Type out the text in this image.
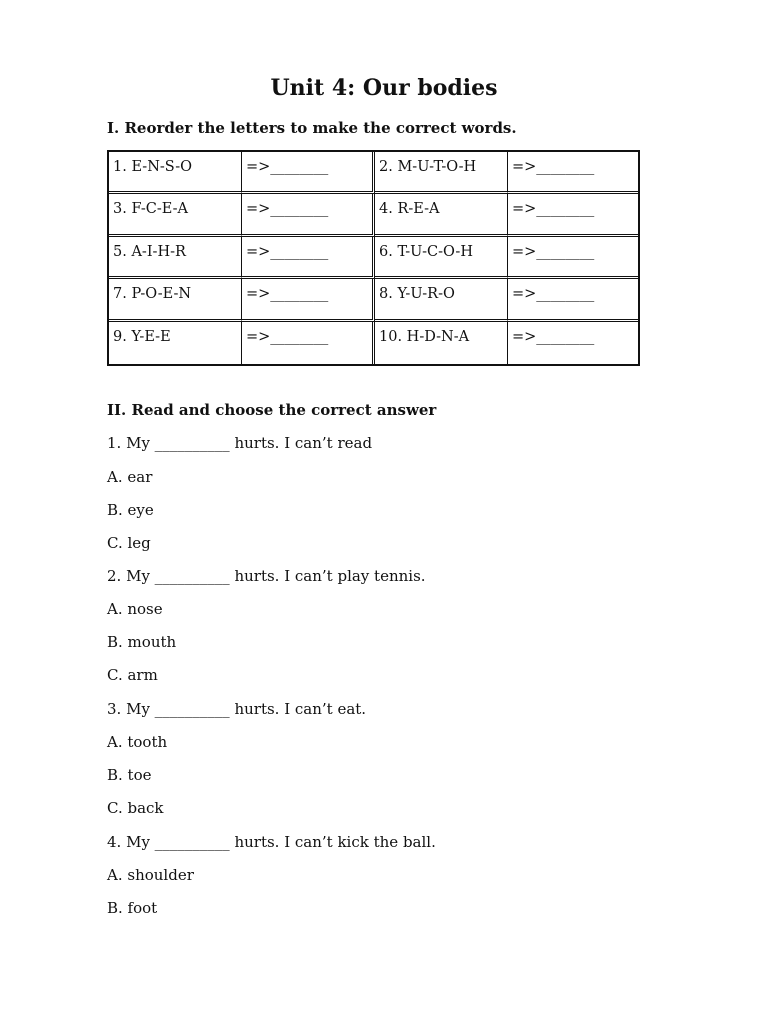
Unit 4: Our bodies
I. Reorder the letters to make the correct words.
1. E-N-S-O	=>________	2. M-U-T-O-H	=>________
3. F-C-E-A	=>________	4. R-E-A	=>________
5. A-I-H-R	=>________	6. T-U-C-O-H	=>________
7. P-O-E-N	=>________	8. Y-U-R-O	=>________
9. Y-E-E	=>________	10. H-D-N-A	=>________
II. Read and choose the correct answer
1. My __________ hurts. I can’t read
A. ear
B. eye
C. leg
2. My __________ hurts. I can’t play tennis.
A. nose
B. mouth
C. arm
3. My __________ hurts. I can’t eat.
A. tooth
B. toe
C. back
4. My __________ hurts. I can’t kick the ball.
A. shoulder
B. foot
